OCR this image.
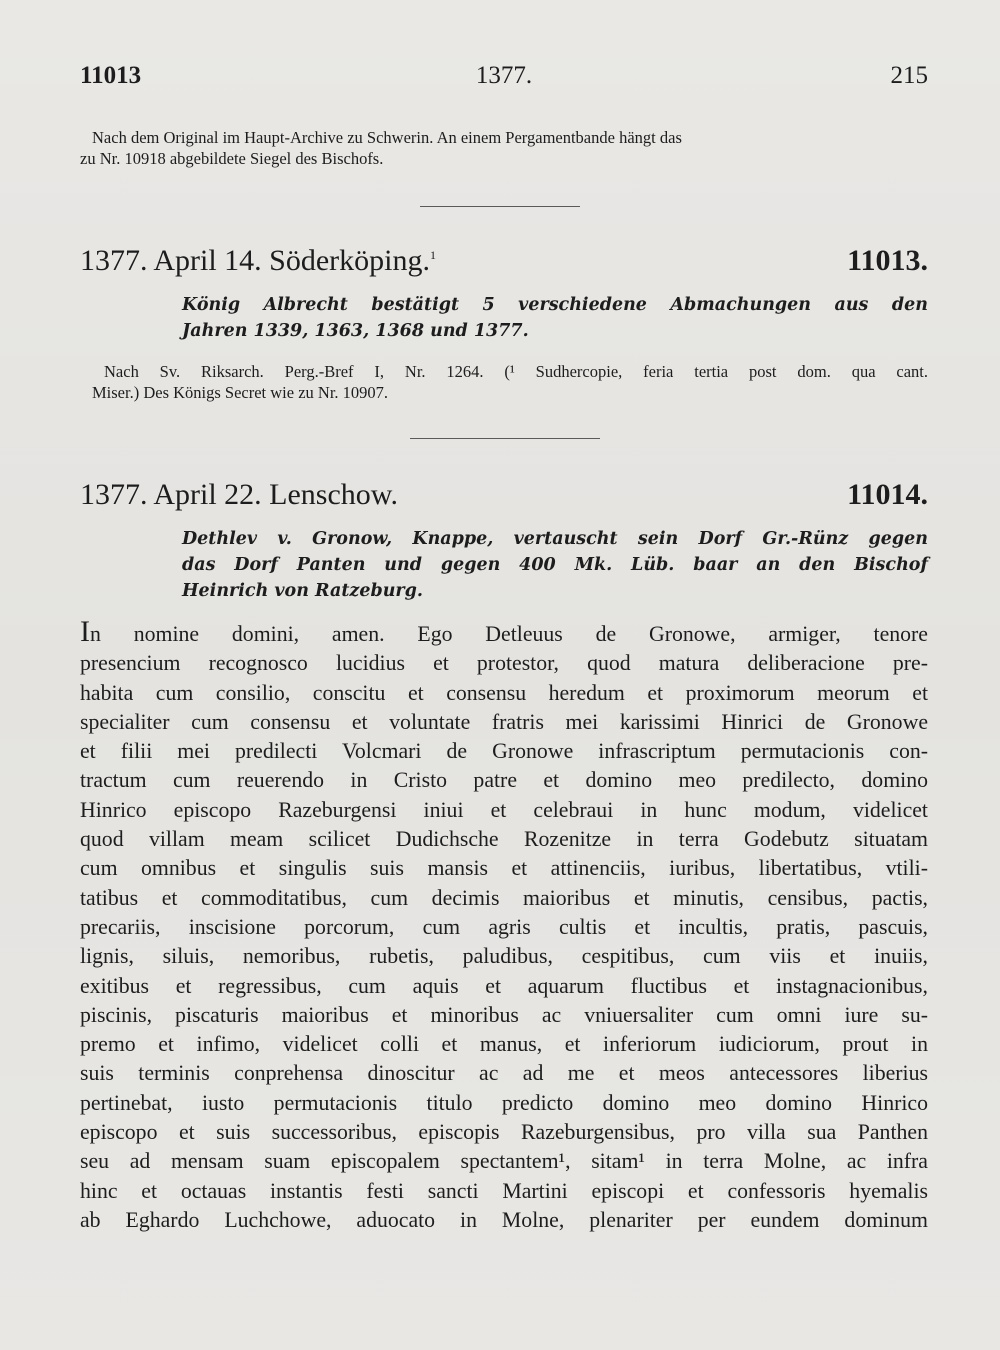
11013	1377.	215
Nach dem Original im Haupt-Archive zu Schwerin. An einem Pergamentbande hängt das
zu Nr. 10918 abgebildete Siegel des Bischofs.
1377. April 14. Söderköping.$^1$	11013.
König Albrecht bestätigt 5 verschiedene Abmachungen aus den
Jahren 1339, 1363, 1368 und 1377.
Nach Sv. Riksarch. Perg.-Bref I, Nr. 1264. (¹ Sudhercopie, feria tertia post dom. qua cant.
Miser.) Des Königs Secret wie zu Nr. 10907.
1377. April 22. Lenschow.	11014.
Dethlev v. Gronow, Knappe, vertauscht sein Dorf Gr.-Rünz gegen
das Dorf Panten und gegen 400 Mk. Lüb. baar an den Bischof
Heinrich von Ratzeburg.
In nomine domini, amen. Ego Detleuus de Gronowe, armiger, tenore
presencium recognosco lucidius et protestor, quod matura deliberacione pre-
habita cum consilio, conscitu et consensu heredum et proximorum meorum et
specialiter cum consensu et voluntate fratris mei karissimi Hinrici de Gronowe
et filii mei predilecti Volcmari de Gronowe infrascriptum permutacionis con-
tractum cum reuerendo in Cristo patre et domino meo predilecto, domino
Hinrico episcopo Razeburgensi iniui et celebraui in hunc modum, videlicet
quod villam meam scilicet Dudichsche Rozenitze in terra Godebutz situatam
cum omnibus et singulis suis mansis et attinenciis, iuribus, libertatibus, vtili-
tatibus et commoditatibus, cum decimis maioribus et minutis, censibus, pactis,
precariis, inscisione porcorum, cum agris cultis et incultis, pratis, pascuis,
lignis, siluis, nemoribus, rubetis, paludibus, cespitibus, cum viis et inuiis,
exitibus et regressibus, cum aquis et aquarum fluctibus et instagnacionibus,
piscinis, piscaturis maioribus et minoribus ac vniuersaliter cum omni iure su-
premo et infimo, videlicet colli et manus, et inferiorum iudiciorum, prout in
suis terminis conprehensa dinoscitur ac ad me et meos antecessores liberius
pertinebat, iusto permutacionis titulo predicto domino meo domino Hinrico
episcopo et suis successoribus, episcopis Razeburgensibus, pro villa sua Panthen
seu ad mensam suam episcopalem spectantem¹, sitam¹ in terra Molne, ac infra
hinc et octauas instantis festi sancti Martini episcopi et confessoris hyemalis
ab Eghardo Luchchowe, aduocato in Molne, plenariter per eundem dominum
